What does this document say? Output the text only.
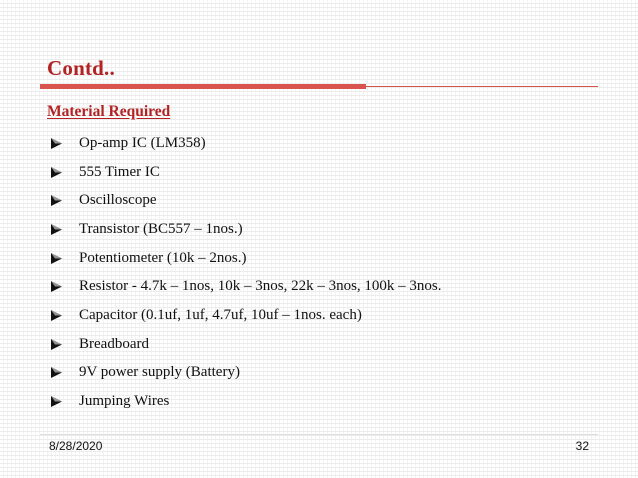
Contd..
Material Required
Op-amp IC (LM358)
555 Timer IC
Oscilloscope
Transistor (BC557 – 1nos.)
Potentiometer (10k – 2nos.)
Resistor - 4.7k – 1nos, 10k – 3nos, 22k – 3nos, 100k – 3nos.
Capacitor (0.1uf, 1uf, 4.7uf, 10uf – 1nos. each)
Breadboard
9V power supply (Battery)
Jumping Wires
8/28/2020	32
